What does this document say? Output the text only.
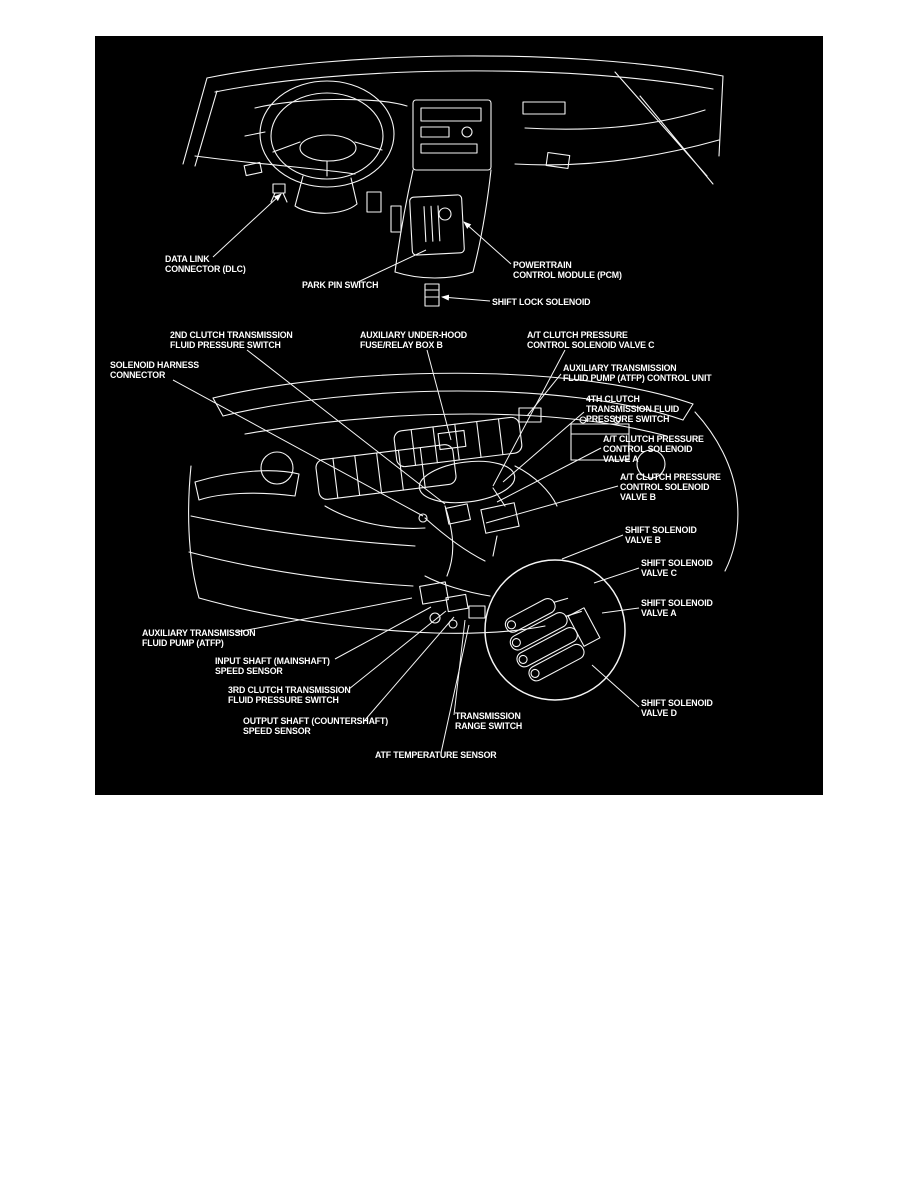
DATA LINK
CONNECTOR (DLC)
PARK PIN SWITCH
POWERTRAIN
CONTROL MODULE (PCM)
SHIFT LOCK SOLENOID
2ND CLUTCH TRANSMISSION
FLUID PRESSURE SWITCH
AUXILIARY UNDER-HOOD
FUSE/RELAY BOX B
A/T CLUTCH PRESSURE
CONTROL SOLENOID VALVE C
SOLENOID HARNESS
CONNECTOR
AUXILIARY TRANSMISSION
FLUID PUMP (ATFP) CONTROL UNIT
4TH CLUTCH
TRANSMISSION FLUID
PRESSURE SWITCH
A/T CLUTCH PRESSURE
CONTROL SOLENOID
VALVE A
A/T CLUTCH PRESSURE
CONTROL SOLENOID
VALVE B
SHIFT SOLENOID
VALVE B
SHIFT SOLENOID
VALVE C
SHIFT SOLENOID
VALVE A
SHIFT SOLENOID
VALVE D
AUXILIARY TRANSMISSION
FLUID PUMP (ATFP)
INPUT SHAFT (MAINSHAFT)
SPEED SENSOR
3RD CLUTCH TRANSMISSION
FLUID PRESSURE SWITCH
OUTPUT SHAFT (COUNTERSHAFT)
SPEED SENSOR
TRANSMISSION
RANGE SWITCH
ATF TEMPERATURE SENSOR
